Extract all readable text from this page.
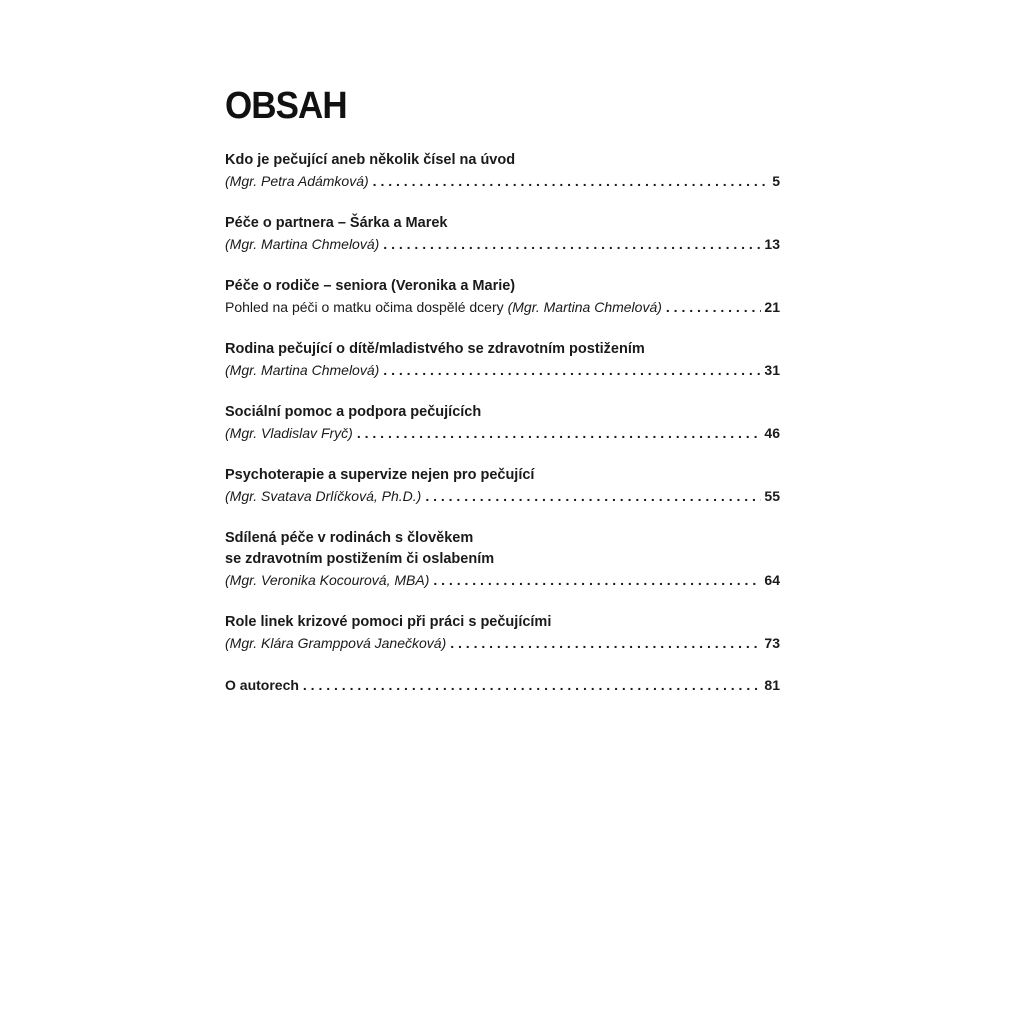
OBSAH
Kdo je pečující aneb několik čísel na úvod
(Mgr. Petra Adámková) . . .	5
Péče o partnera – Šárka a Marek
(Mgr. Martina Chmelová) . . .	13
Péče o rodiče – seniora (Veronika a Marie)
Pohled na péči o matku očima dospělé dcery (Mgr. Martina Chmelová) . . .	21
Rodina pečující o dítě/mladistvého se zdravotním postižením
(Mgr. Martina Chmelová) . . .	31
Sociální pomoc a podpora pečujících
(Mgr. Vladislav Fryč) . . .	46
Psychoterapie a supervize nejen pro pečující
(Mgr. Svatava Drlíčková, Ph.D.) . . .	55
Sdílená péče v rodinách s člověkem
se zdravotním postižením či oslabením
(Mgr. Veronika Kocourová, MBA) . . .	64
Role linek krizové pomoci při práci s pečujícími
(Mgr. Klára Gramppová Janečková) . . .	73
O autorech . . .	81
